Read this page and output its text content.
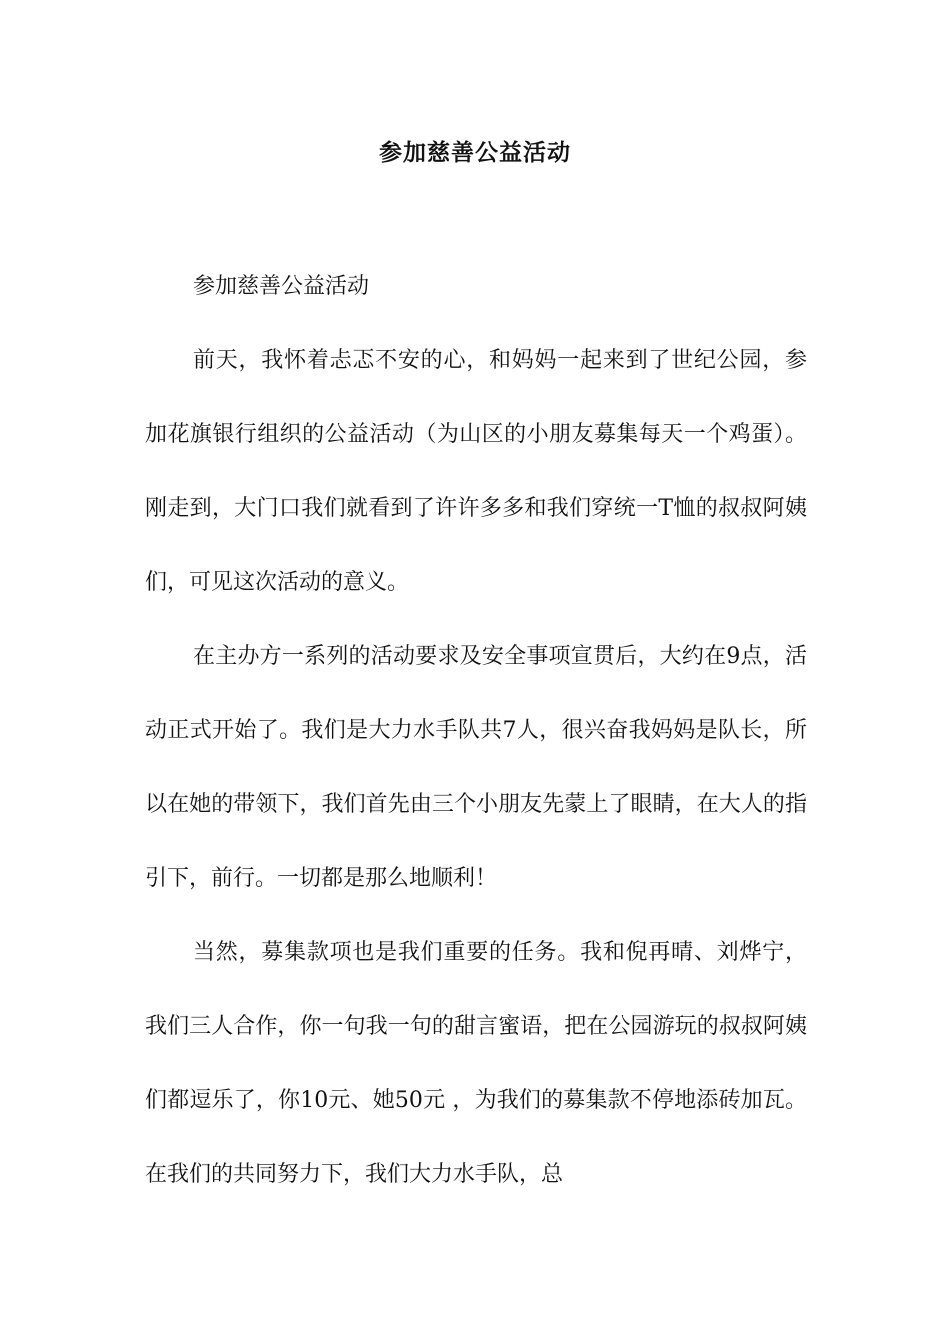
参加慈善公益活动

参加慈善公益活动

前天，我怀着忐忑不安的心，和妈妈一起来到了世纪公园，参加花旗银行组织的公益活动（为山区的小朋友募集每天一个鸡蛋）。刚走到，大门口我们就看到了许许多多和我们穿统一T恤的叔叔阿姨们，可见这次活动的意义。

在主办方一系列的活动要求及安全事项宣贯后，大约在9点，活动正式开始了。我们是大力水手队共7人，很兴奋我妈妈是队长，所以在她的带领下，我们首先由三个小朋友先蒙上了眼睛，在大人的指引下，前行。一切都是那么地顺利！

当然，募集款项也是我们重要的任务。我和倪再晴、刘烨宁，我们三人合作，你一句我一句的甜言蜜语，把在公园游玩的叔叔阿姨们都逗乐了，你10元、她50元 ，为我们的募集款不停地添砖加瓦。在我们的共同努力下，我们大力水手队，总
